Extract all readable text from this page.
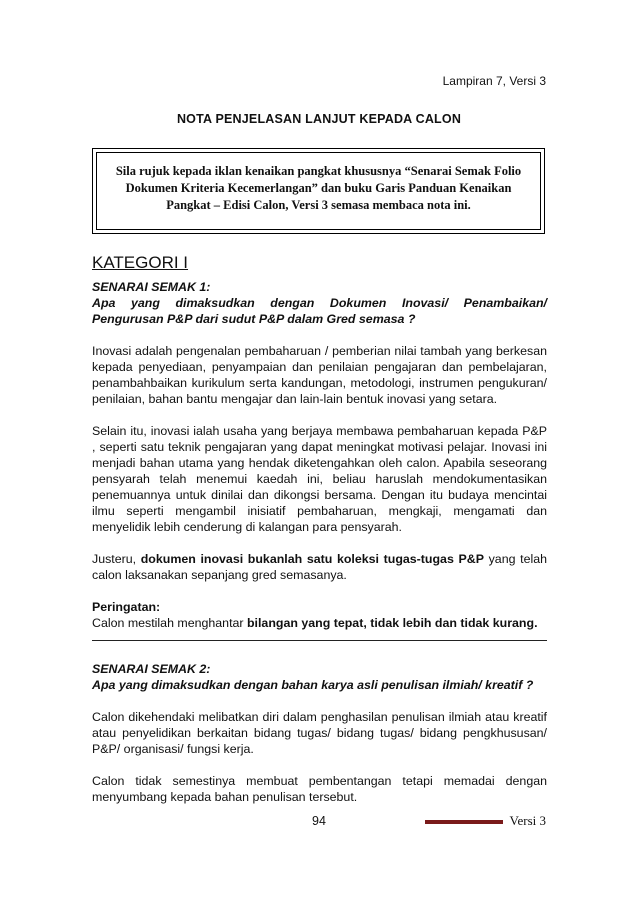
Lampiran 7, Versi 3
NOTA PENJELASAN LANJUT KEPADA CALON
Sila rujuk kepada iklan kenaikan pangkat khususnya “Senarai Semak Folio
Dokumen Kriteria Kecemerlangan” dan buku Garis Panduan Kenaikan
Pangkat – Edisi Calon, Versi 3 semasa membaca nota ini.
KATEGORI I

SENARAI SEMAK 1:

Apa yang dimaksudkan dengan Dokumen Inovasi/ Penambaikan/ Pengurusan P&P dari sudut P&P dalam Gred semasa ?

Inovasi adalah pengenalan pembaharuan / pemberian nilai tambah yang berkesan kepada penyediaan, penyampaian dan penilaian pengajaran dan pembelajaran, penambahbaikan kurikulum serta kandungan, metodologi, instrumen pengukuran/ penilaian, bahan bantu mengajar dan lain-lain bentuk inovasi yang setara.

Selain itu, inovasi ialah usaha yang berjaya membawa pembaharuan kepada P&P , seperti satu teknik pengajaran yang dapat meningkat motivasi pelajar. Inovasi ini menjadi bahan utama yang hendak diketengahkan oleh calon. Apabila seseorang pensyarah telah menemui kaedah ini, beliau haruslah mendokumentasikan penemuannya untuk dinilai dan dikongsi bersama. Dengan itu budaya mencintai ilmu seperti mengambil inisiatif pembaharuan, mengkaji, mengamati dan menyelidik lebih cenderung di kalangan para pensyarah.

Justeru, dokumen inovasi bukanlah satu koleksi tugas-tugas P&P yang telah calon laksanakan sepanjang gred semasanya.

Peringatan:

Calon mestilah menghantar bilangan yang tepat, tidak lebih dan tidak kurang.

SENARAI SEMAK 2:

Apa yang dimaksudkan dengan bahan karya asli penulisan ilmiah/ kreatif ?

Calon dikehendaki melibatkan diri dalam penghasilan penulisan ilmiah atau kreatif atau penyelidikan berkaitan bidang tugas/ bidang tugas/ bidang pengkhususan/ P&P/ organisasi/ fungsi kerja.

Calon tidak semestinya membuat pembentangan tetapi memadai dengan menyumbang kepada bahan penulisan tersebut.

94	Versi 3
